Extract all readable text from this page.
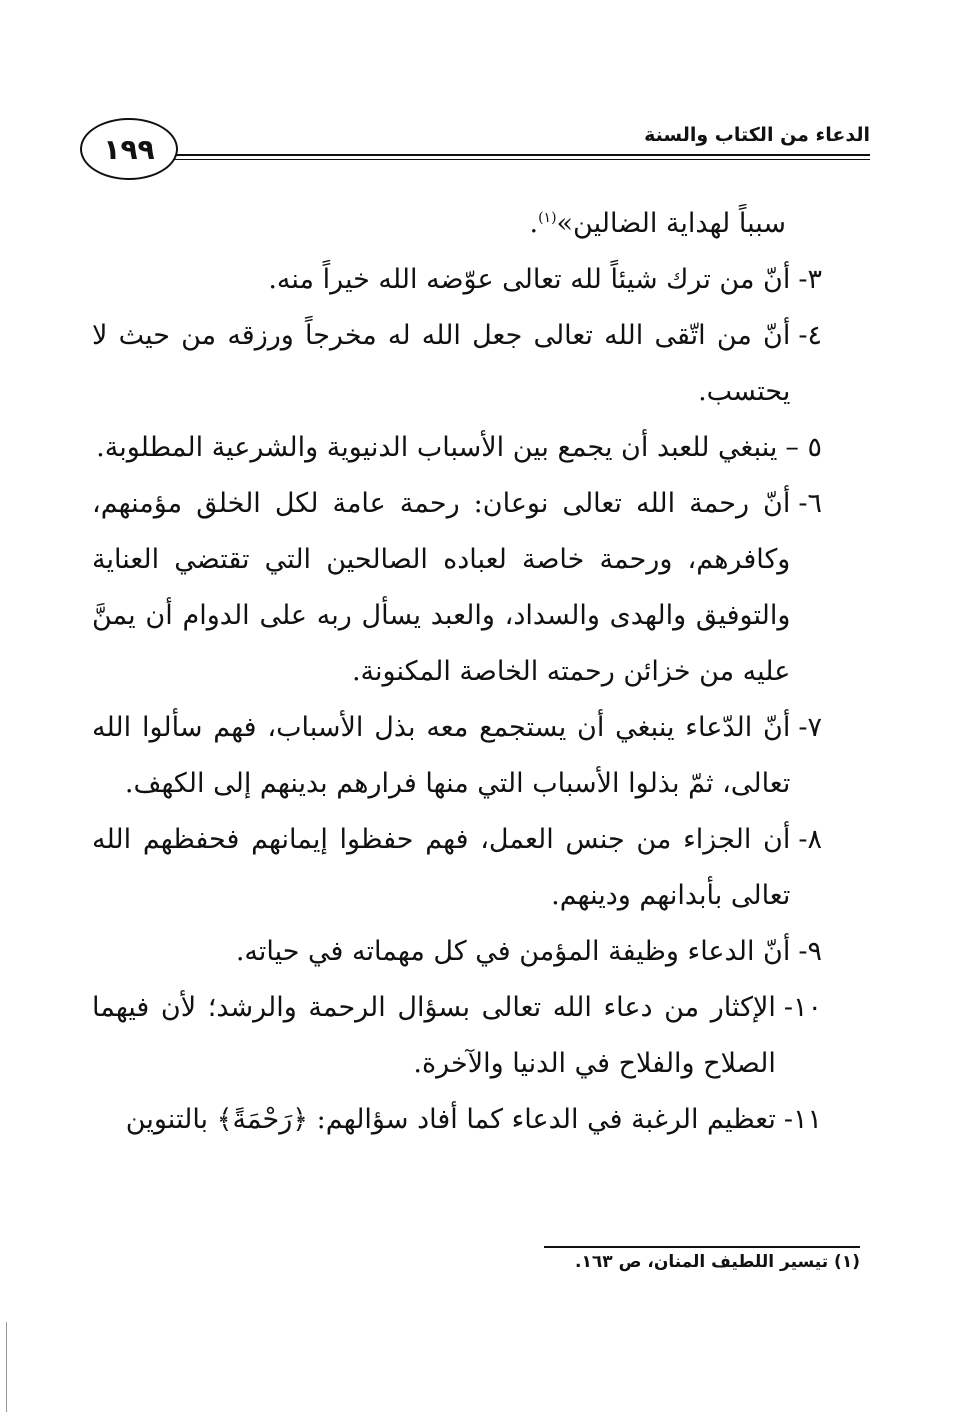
١٩٩	الدعاء من الكتاب والسنة

سبباً لهداية الضالين»$^{(١)}$.

٣-
أنّ من ترك شيئاً لله تعالى عوّضه الله خيراً منه.
٤-
أنّ من اتّقى الله تعالى جعل الله له مخرجاً ورزقه من حيث لا يحتسب.
٥ –
ينبغي للعبد أن يجمع بين الأسباب الدنيوية والشرعية المطلوبة.
٦-
أنّ رحمة الله تعالى نوعان: رحمة عامة لكل الخلق مؤمنهم، وكافرهم، ورحمة خاصة لعباده الصالحين التي تقتضي العناية والتوفيق والهدى والسداد، والعبد يسأل ربه على الدوام أن يمنَّ عليه من خزائن رحمته الخاصة المكنونة.
٧-
أنّ الدّعاء ينبغي أن يستجمع معه بذل الأسباب، فهم سألوا الله تعالى، ثمّ بذلوا الأسباب التي منها فرارهم بدينهم إلى الكهف.
٨-
أن الجزاء من جنس العمل، فهم حفظوا إيمانهم فحفظهم الله تعالى بأبدانهم ودينهم.
٩-
أنّ الدعاء وظيفة المؤمن في كل مهماته في حياته.
١٠-
الإكثار من دعاء الله تعالى بسؤال الرحمة والرشد؛ لأن فيهما الصلاح والفلاح في الدنيا والآخرة.
١١-
تعظيم الرغبة في الدعاء كما أفاد سؤالهم: ﴿رَحْمَةً﴾ بالتنوين
(١) تيسير اللطيف المنان، ص ١٦٣.
